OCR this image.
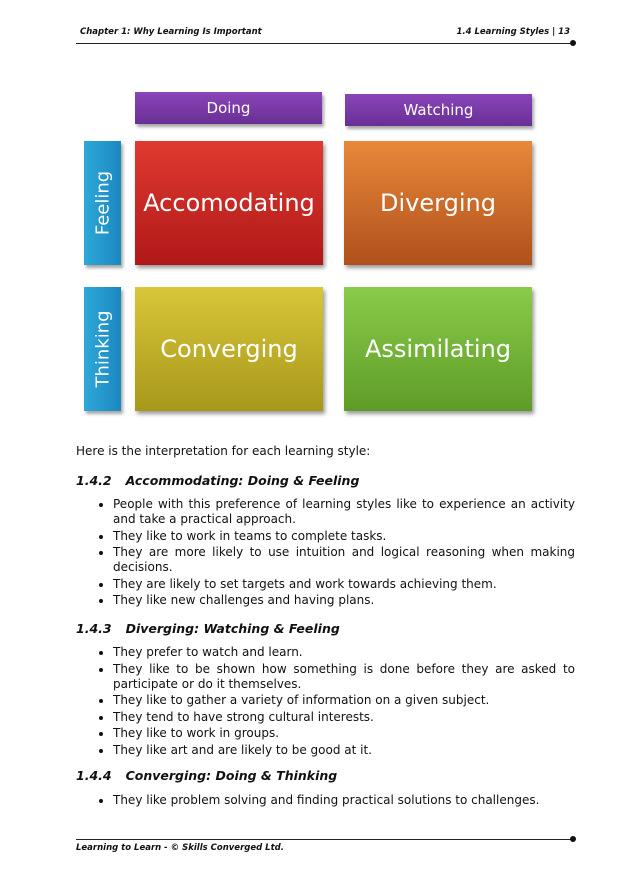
Chapter 1: Why Learning Is Important	1.4 Learning Styles | 13
Doing	Watching
Feeling
Thinking
Accomodating	Diverging
Converging	Assimilating
Here is the interpretation for each learning style:
1.4.2 Accommodating: Doing & Feeling
• People with this preference of learning styles like to experience an activity and take a practical approach.
• They like to work in teams to complete tasks.
• They are more likely to use intuition and logical reasoning when making decisions.
• They are likely to set targets and work towards achieving them.
• They like new challenges and having plans.
1.4.3 Diverging: Watching & Feeling
• They prefer to watch and learn.
• They like to be shown how something is done before they are asked to participate or do it themselves.
• They like to gather a variety of information on a given subject.
• They tend to have strong cultural interests.
• They like to work in groups.
• They like art and are likely to be good at it.
1.4.4 Converging: Doing & Thinking
• They like problem solving and finding practical solutions to challenges.
Learning to Learn - © Skills Converged Ltd.
